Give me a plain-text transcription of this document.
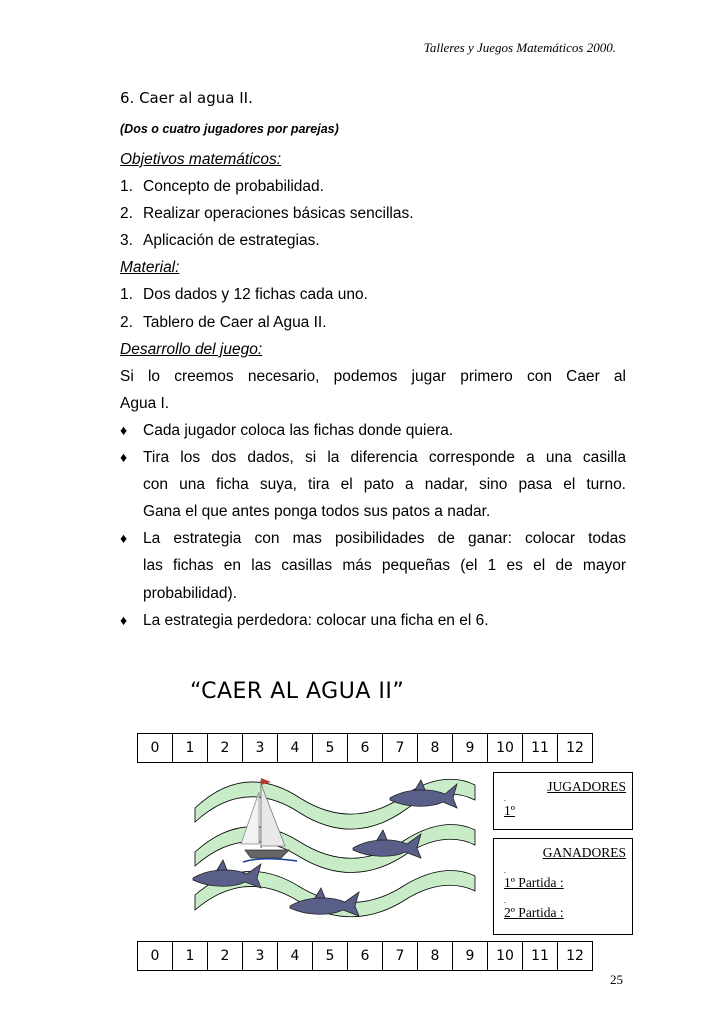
Talleres y Juegos Matemáticos 2000.
6. Caer al agua II.
(Dos o cuatro jugadores por parejas)
Objetivos matemáticos:
1. Concepto de probabilidad.
2. Realizar operaciones básicas sencillas.
3. Aplicación de estrategias.
Material:
1. Dos dados y 12 fichas cada uno.
2. Tablero de Caer al Agua II.
Desarrollo del juego:
Si lo creemos necesario, podemos jugar primero con Caer al
Agua I.
♦	Cada jugador coloca las fichas donde quiera.
♦	Tira los dos dados, si la diferencia corresponde a una casilla
con una ficha suya, tira el pato a nadar, sino pasa el turno.
Gana el que antes ponga todos sus patos a nadar.
♦	La estrategia con mas posibilidades de ganar: colocar todas
las fichas en las casillas más pequeñas (el 1 es el de mayor
probabilidad).
♦	La estrategia perdedora: colocar una ficha en el 6.
“CAER AL AGUA II”
0	1	2	3	4	5	6	7	8	9	10	11	12
JUGADORES
.
1º
GANADORES
.
1º Partida :
.
2º Partida :
0	1	2	3	4	5	6	7	8	9	10	11	12
25
